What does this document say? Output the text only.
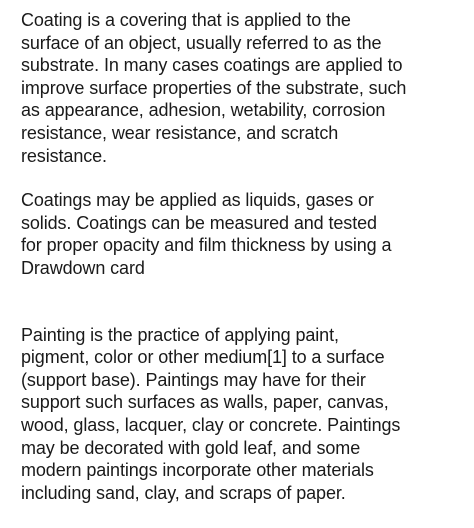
Coating is a covering that is applied to the
surface of an object, usually referred to as the
substrate. In many cases coatings are applied to
improve surface properties of the substrate, such
as appearance, adhesion, wetability, corrosion
resistance, wear resistance, and scratch
resistance.

Coatings may be applied as liquids, gases or
solids. Coatings can be measured and tested
for proper opacity and film thickness by using a
Drawdown card

Painting is the practice of applying paint,
pigment, color or other medium[1] to a surface
(support base). Paintings may have for their
support such surfaces as walls, paper, canvas,
wood, glass, lacquer, clay or concrete. Paintings
may be decorated with gold leaf, and some
modern paintings incorporate other materials
including sand, clay, and scraps of paper.
